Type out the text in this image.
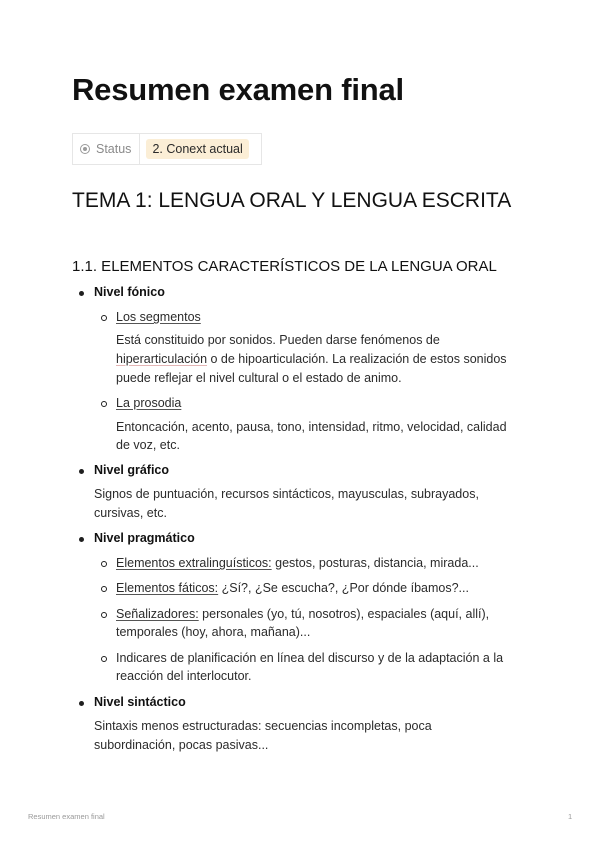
Resumen examen final
Status	2. Conext actual
TEMA 1: LENGUA ORAL Y LENGUA ESCRITA
1.1. ELEMENTOS CARACTERÍSTICOS DE LA LENGUA ORAL
Nivel fónico
Los segmentos
Está constituido por sonidos. Pueden darse fenómenos de
hiperarticulación o de hipoarticulación. La realización de estos sonidos
puede reflejar el nivel cultural o el estado de animo.
La prosodia
Entoncación, acento, pausa, tono, intensidad, ritmo, velocidad, calidad
de voz, etc.
Nivel gráfico
Signos de puntuación, recursos sintácticos, mayusculas, subrayados,
cursivas, etc.
Nivel pragmático
Elementos extralinguísticos: gestos, posturas, distancia, mirada...
Elementos fáticos: ¿Sí?, ¿Se escucha?, ¿Por dónde íbamos?...
Señalizadores: personales (yo, tú, nosotros), espaciales (aquí, allí),
temporales (hoy, ahora, mañana)...
Indicares de planificación en línea del discurso y de la adaptación a la
reacción del interlocutor.
Nivel sintáctico
Sintaxis menos estructuradas: secuencias incompletas, poca
subordinación, pocas pasivas...
Resumen examen final	1
